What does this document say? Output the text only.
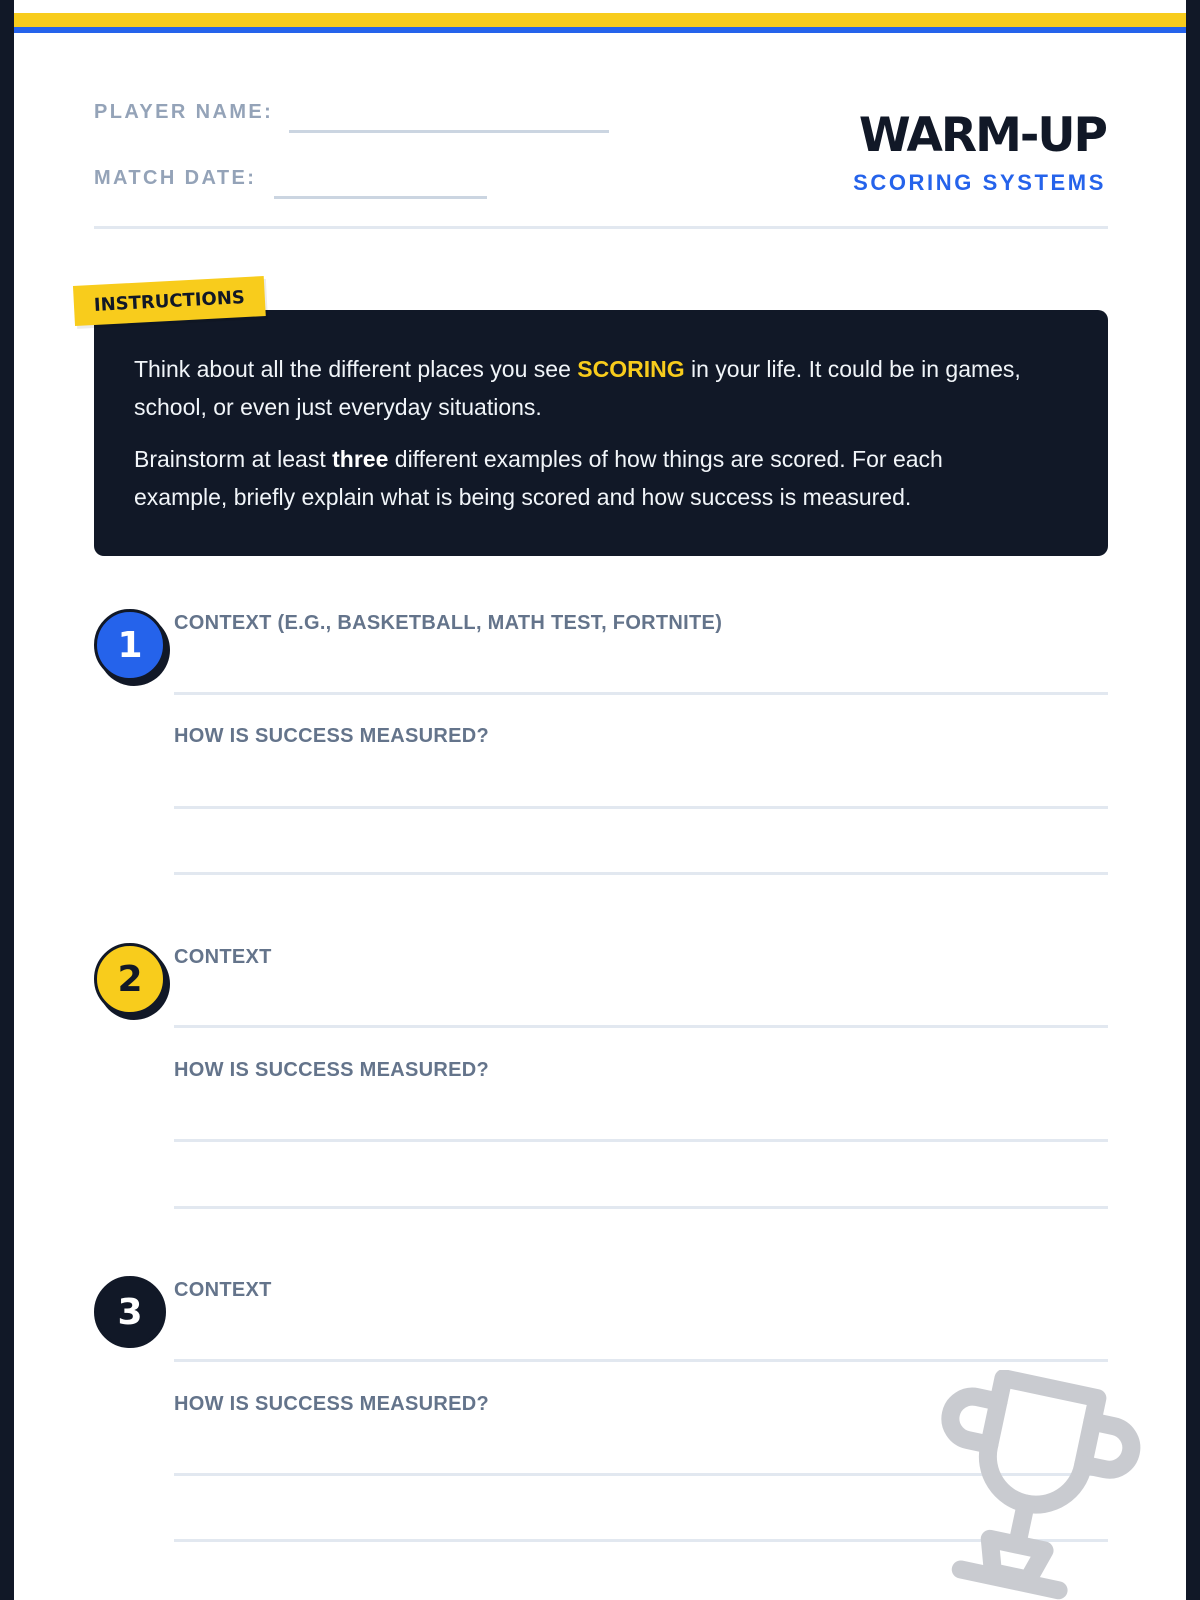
PLAYER NAME:
MATCH DATE:
WARM-UP
SCORING SYSTEMS
INSTRUCTIONS

Think about all the different places you see SCORING in your life. It could be in games, school, or even just everyday situations.

Brainstorm at least three different examples of how things are scored. For each example, briefly explain what is being scored and how success is measured.

1
CONTEXT (E.G., BASKETBALL, MATH TEST, FORTNITE)
HOW IS SUCCESS MEASURED?
2
CONTEXT
HOW IS SUCCESS MEASURED?
3
CONTEXT
HOW IS SUCCESS MEASURED?
